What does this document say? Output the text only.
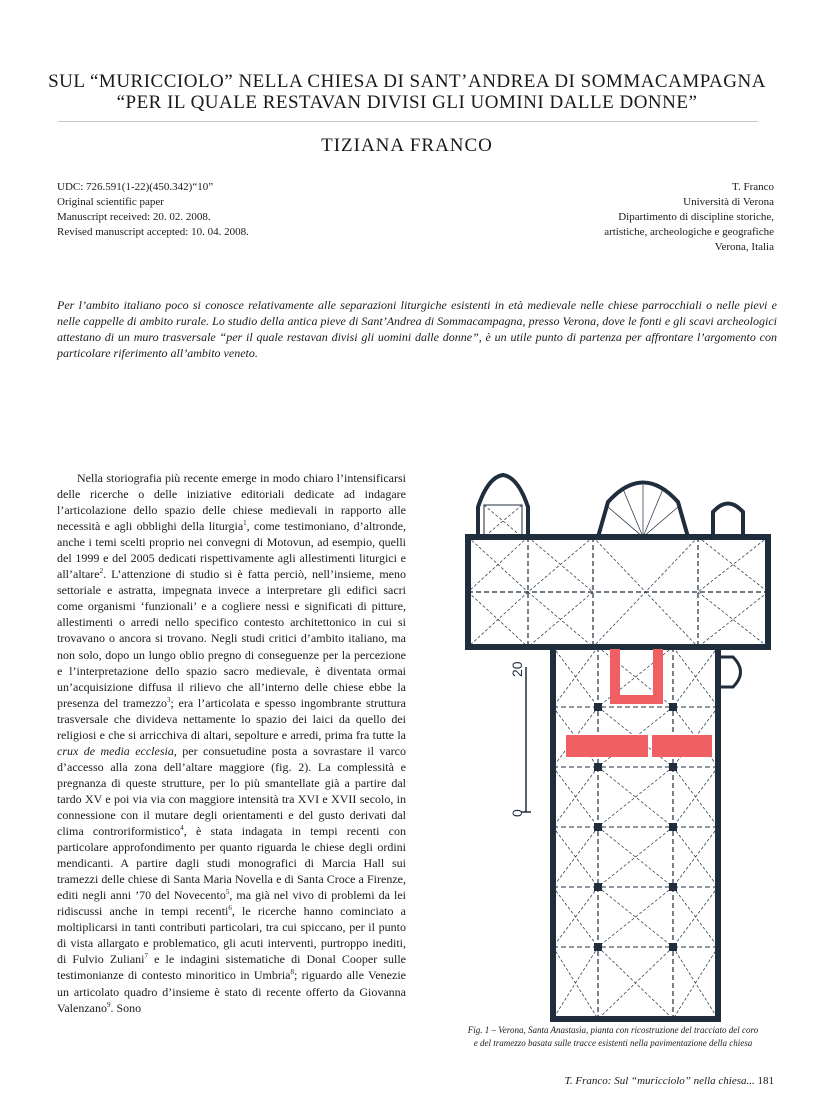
SUL “MURICCIOLO” NELLA CHIESA DI SANT’ANDREA DI SOMMACAMPAGNA
“PER IL QUALE RESTAVAN DIVISI GLI UOMINI DALLE DONNE”
TIZIANA FRANCO
UDC: 726.591(1-22)(450.342)“10”
Original scientific paper
Manuscript received: 20. 02. 2008.
Revised manuscript accepted: 10. 04. 2008.
T. Franco
Università di Verona
Dipartimento di discipline storiche,
artistiche, archeologiche e geografiche
Verona, Italia
Per l’ambito italiano poco si conosce relativamente alle separazioni liturgiche esistenti in età medievale nelle chiese parrocchiali o nelle pievi e nelle cappelle di ambito rurale. Lo studio della antica pieve di Sant’Andrea di Sommacampagna, presso Verona, dove le fonti e gli scavi archeologici attestano di un muro trasversale “per il quale restavan divisi gli uomini dalle donne”, è un utile punto di partenza per affrontare l’argomento con particolare riferimento all’ambito veneto.

Nella storiografia più recente emerge in modo chiaro l’intensificarsi delle ricerche o delle iniziative editoriali dedicate ad indagare l’articolazione dello spazio delle chiese medievali in rapporto alle necessità e agli obblighi della liturgia$^1$, come testimoniano, d’altronde, anche i temi scelti proprio nei convegni di Motovun, ad esempio, quelli del 1999 e del 2005 dedicati rispettivamente agli allestimenti liturgici e all’altare$^2$. L’attenzione di studio si è fatta perciò, nell’insieme, meno settoriale e astratta, impegnata invece a interpretare gli edifici sacri come organismi ‘funzionali’ e a cogliere nessi e significati di pitture, allestimenti o arredi nello specifico contesto architettonico in cui si trovavano o ancora si trovano. Negli studi critici d’ambito italiano, ma non solo, dopo un lungo oblio pregno di conseguenze per la percezione e l’interpretazione dello spazio sacro medievale, è diventata ormai un’acquisizione diffusa il rilievo che all’interno delle chiese ebbe la presenza del tramezzo$^3$; era l’articolata e spesso ingombrante struttura trasversale che divideva nettamente lo spazio dei laici da quello dei religiosi e che si arricchiva di altari, sepolture e arredi, prima fra tutte la crux de media ecclesia, per consuetudine posta a sovrastare il varco d’accesso alla zona dell’altare maggiore (fig. 2). La complessità e pregnanza di queste strutture, per lo più smantellate già a partire dal tardo XV e poi via via con maggiore intensità tra XVI e XVII secolo, in connessione con il mutare degli orientamenti e del gusto derivati dal clima controriformistico$^4$, è stata indagata in tempi recenti con particolare approfondimento per quanto riguarda le chiese degli ordini mendicanti. A partire dagli studi monografici di Marcia Hall sui tramezzi delle chiese di Santa Maria Novella e di Santa Croce a Firenze, editi negli anni ’70 del Novecento$^5$, ma già nel vivo di problemi da lei ridiscussi anche in tempi recenti$^6$, le ricerche hanno cominciato a moltiplicarsi in tanti contributi particolari, tra cui spiccano, per il punto di vista allargato e problematico, gli acuti interventi, purtroppo inediti, di Fulvio Zuliani$^7$ e le indagini sistematiche di Donal Cooper sulle testimonianze di contesto minoritico in Umbria$^8$; riguardo alle Venezie un articolato quadro d’insieme è stato di recente offerto da Giovanna Valenzano$^9$. Sono

20
0
Fig. 1 – Verona, Santa Anastasia, pianta con ricostruzione del tracciato del coro
e del tramezzo basata sulle tracce esistenti nella pavimentazione della chiesa
T. Franco: Sul “muricciolo” nella chiesa... 181
